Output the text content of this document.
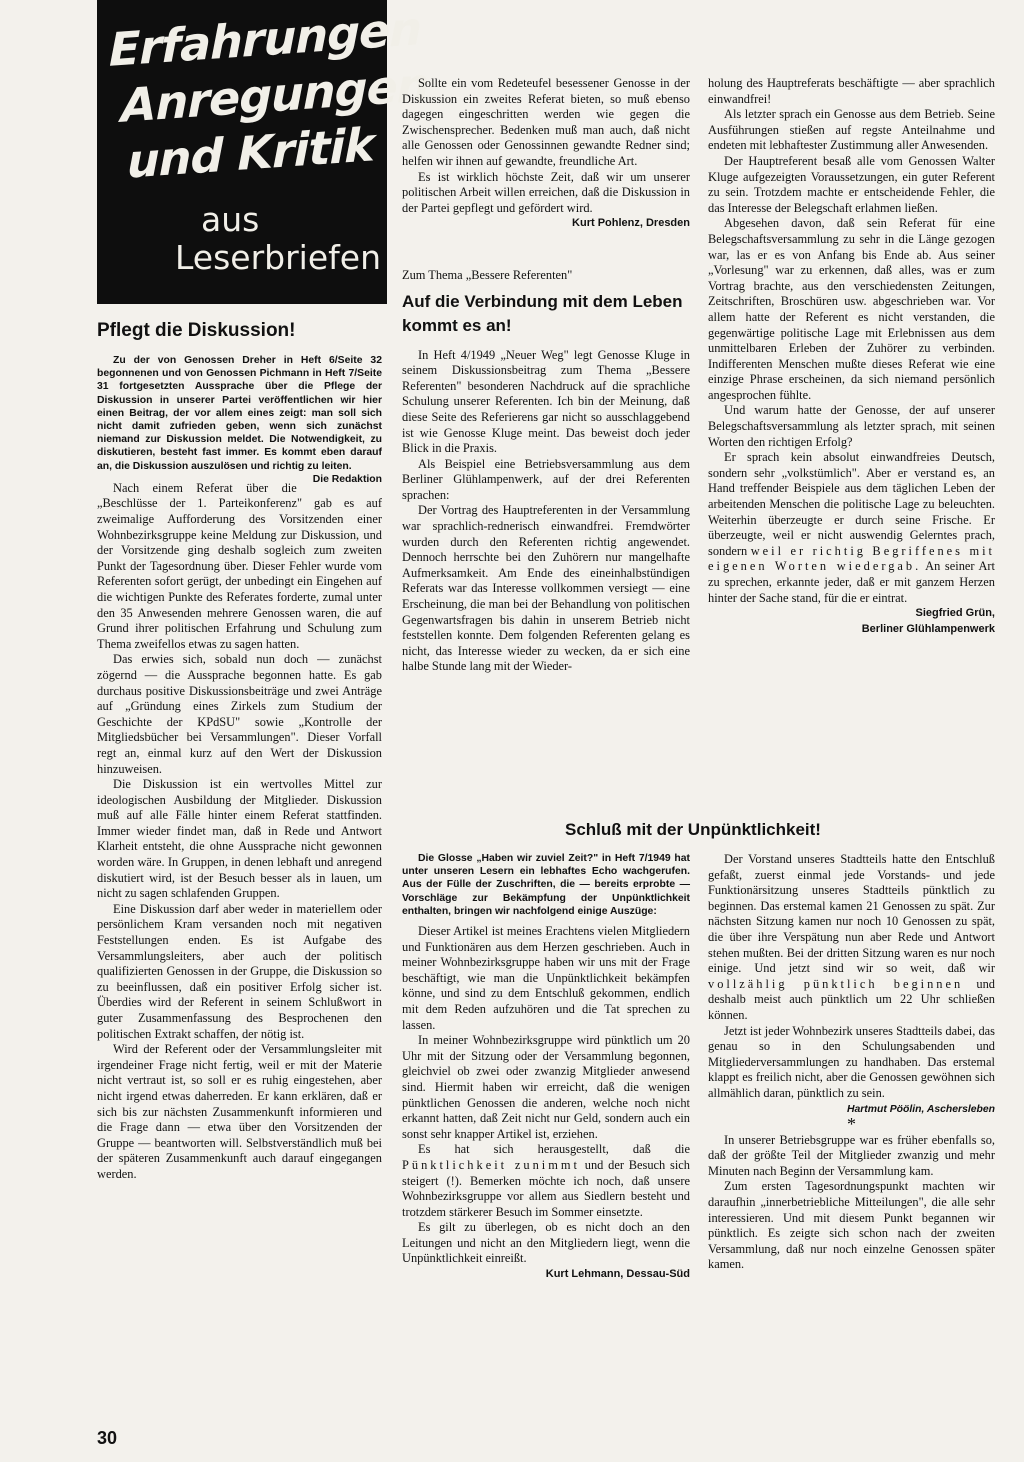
Erfahrungen
Anregungen
und Kritik
aus
Leserbriefen
Pflegt die Diskussion!

Zu der von Genossen Dreher in Heft 6/Seite 32 begonnenen und von Genossen Pichmann in Heft 7/Seite 31 fortgesetzten Aussprache über die Pflege der Diskussion in unserer Partei veröffentlichen wir hier einen Beitrag, der vor allem eines zeigt: man soll sich nicht damit zufrieden geben, wenn sich zunächst niemand zur Diskussion meldet. Die Notwendigkeit, zu diskutieren, besteht fast immer. Es kommt eben darauf an, die Diskussion auszulösen und richtig zu leiten.
Die Redaktion

Nach einem Referat über die „Beschlüsse der 1. Parteikonferenz" gab es auf zweimalige Aufforderung des Vorsitzenden einer Wohnbezirksgruppe keine Meldung zur Diskussion, und der Vorsitzende ging deshalb sogleich zum zweiten Punkt der Tagesordnung über. Dieser Fehler wurde vom Referenten sofort gerügt, der unbedingt ein Eingehen auf die wichtigen Punkte des Referates forderte, zumal unter den 35 Anwesenden mehrere Genossen waren, die auf Grund ihrer politischen Erfahrung und Schulung zum Thema zweifellos etwas zu sagen hatten.

Das erwies sich, sobald nun doch — zunächst zögernd — die Aussprache begonnen hatte. Es gab durchaus positive Diskussionsbeiträge und zwei Anträge auf „Gründung eines Zirkels zum Studium der Geschichte der KPdSU" sowie „Kontrolle der Mitgliedsbücher bei Versammlungen". Dieser Vorfall regt an, einmal kurz auf den Wert der Diskussion hinzuweisen.

Die Diskussion ist ein wertvolles Mittel zur ideologischen Ausbildung der Mitglieder. Diskussion muß auf alle Fälle hinter einem Referat stattfinden. Immer wieder findet man, daß in Rede und Antwort Klarheit entsteht, die ohne Aussprache nicht gewonnen worden wäre. In Gruppen, in denen lebhaft und anregend diskutiert wird, ist der Besuch besser als in lauen, um nicht zu sagen schlafenden Gruppen.

Eine Diskussion darf aber weder in materiellem oder persönlichem Kram versanden noch mit negativen Feststellungen enden. Es ist Aufgabe des Versammlungsleiters, aber auch der politisch qualifizierten Genossen in der Gruppe, die Diskussion so zu beeinflussen, daß ein positiver Erfolg sicher ist. Überdies wird der Referent in seinem Schlußwort in guter Zusammenfassung des Besprochenen den politischen Extrakt schaffen, der nötig ist.

Wird der Referent oder der Versammlungsleiter mit irgendeiner Frage nicht fertig, weil er mit der Materie nicht vertraut ist, so soll er es ruhig eingestehen, aber nicht irgend etwas daherreden. Er kann erklären, daß er sich bis zur nächsten Zusammenkunft informieren und die Frage dann — etwa über den Vorsitzenden der Gruppe — beantworten will. Selbstverständlich muß bei der späteren Zusammenkunft auch darauf eingegangen werden.

Sollte ein vom Redeteufel besessener Genosse in der Diskussion ein zweites Referat bieten, so muß ebenso dagegen eingeschritten werden wie gegen die Zwischensprecher. Bedenken muß man auch, daß nicht alle Genossen oder Genossinnen gewandte Redner sind; helfen wir ihnen auf gewandte, freundliche Art.

Es ist wirklich höchste Zeit, daß wir um unserer politischen Arbeit willen erreichen, daß die Diskussion in der Partei gepflegt und gefördert wird.

Kurt Pohlenz, Dresden

Zum Thema „Bessere Referenten"

Auf die Verbindung mit dem Leben kommt es an!

In Heft 4/1949 „Neuer Weg" legt Genosse Kluge in seinem Diskussionsbeitrag zum Thema „Bessere Referenten" besonderen Nachdruck auf die sprachliche Schulung unserer Referenten. Ich bin der Meinung, daß diese Seite des Referierens gar nicht so ausschlaggebend ist wie Genosse Kluge meint. Das beweist doch jeder Blick in die Praxis.

Als Beispiel eine Betriebsversammlung aus dem Berliner Glühlampenwerk, auf der drei Referenten sprachen:

Der Vortrag des Hauptreferenten in der Versammlung war sprachlich-rednerisch einwandfrei. Fremdwörter wurden durch den Referenten richtig angewendet. Dennoch herrschte bei den Zuhörern nur mangelhafte Aufmerksamkeit. Am Ende des eineinhalbstündigen Referats war das Interesse vollkommen versiegt — eine Erscheinung, die man bei der Behandlung von politischen Gegenwartsfragen bis dahin in unserem Betrieb nicht feststellen konnte. Dem folgenden Referenten gelang es nicht, das Interesse wieder zu wecken, da er sich eine halbe Stunde lang mit der Wieder-

holung des Hauptreferats beschäftigte — aber sprachlich einwandfrei!

Als letzter sprach ein Genosse aus dem Betrieb. Seine Ausführungen stießen auf regste Anteilnahme und endeten mit lebhaftester Zustimmung aller Anwesenden.

Der Hauptreferent besaß alle vom Genossen Walter Kluge aufgezeigten Voraussetzungen, ein guter Referent zu sein. Trotzdem machte er entscheidende Fehler, die das Interesse der Belegschaft erlahmen ließen.

Abgesehen davon, daß sein Referat für eine Belegschaftsversammlung zu sehr in die Länge gezogen war, las er es von Anfang bis Ende ab. Aus seiner „Vorlesung" war zu erkennen, daß alles, was er zum Vortrag brachte, aus den verschiedensten Zeitungen, Zeitschriften, Broschüren usw. abgeschrieben war. Vor allem hatte der Referent es nicht verstanden, die gegenwärtige politische Lage mit Erlebnissen aus dem unmittelbaren Erleben der Zuhörer zu verbinden. Indifferenten Menschen mußte dieses Referat wie eine einzige Phrase erscheinen, da sich niemand persönlich angesprochen fühlte.

Und warum hatte der Genosse, der auf unserer Belegschaftsversammlung als letzter sprach, mit seinen Worten den richtigen Erfolg?

Er sprach kein absolut einwandfreies Deutsch, sondern sehr „volkstümlich". Aber er verstand es, an Hand treffender Beispiele aus dem täglichen Leben der arbeitenden Menschen die politische Lage zu beleuchten. Weiterhin überzeugte er durch seine Frische. Er überzeugte, weil er nicht auswendig Gelerntes prach, sondern weil er richtig Begriffenes mit eigenen Worten wiedergab. An seiner Art zu sprechen, erkannte jeder, daß er mit ganzem Herzen hinter der Sache stand, für die er eintrat.

Siegfried Grün,

Berliner Glühlampenwerk

Schluß mit der Unpünktlichkeit!

Die Glosse „Haben wir zuviel Zeit?" in Heft 7/1949 hat unter unseren Lesern ein lebhaftes Echo wachgerufen. Aus der Fülle der Zuschriften, die — bereits erprobte — Vorschläge zur Bekämpfung der Unpünktlichkeit enthalten, bringen wir nachfolgend einige Auszüge:

Dieser Artikel ist meines Erachtens vielen Mitgliedern und Funktionären aus dem Herzen geschrieben. Auch in meiner Wohnbezirksgruppe haben wir uns mit der Frage beschäftigt, wie man die Unpünktlichkeit bekämpfen könne, und sind zu dem Entschluß gekommen, endlich mit dem Reden aufzuhören und die Tat sprechen zu lassen.

In meiner Wohnbezirksgruppe wird pünktlich um 20 Uhr mit der Sitzung oder der Versammlung begonnen, gleichviel ob zwei oder zwanzig Mitglieder anwesend sind. Hiermit haben wir erreicht, daß die wenigen pünktlichen Genossen die anderen, welche noch nicht erkannt hatten, daß Zeit nicht nur Geld, sondern auch ein sonst sehr knapper Artikel ist, erziehen.

Es hat sich herausgestellt, daß die Pünktlichkeit zunimmt und der Besuch sich steigert (!). Bemerken möchte ich noch, daß unsere Wohnbezirksgruppe vor allem aus Siedlern besteht und trotzdem stärkerer Besuch im Sommer einsetzte.

Es gilt zu überlegen, ob es nicht doch an den Leitungen und nicht an den Mitgliedern liegt, wenn die Unpünktlichkeit einreißt.

Kurt Lehmann, Dessau-Süd

Der Vorstand unseres Stadtteils hatte den Entschluß gefaßt, zuerst einmal jede Vorstands- und jede Funktionärsitzung unseres Stadtteils pünktlich zu beginnen. Das erstemal kamen 21 Genossen zu spät. Zur nächsten Sitzung kamen nur noch 10 Genossen zu spät, die über ihre Verspätung nun aber Rede und Antwort stehen mußten. Bei der dritten Sitzung waren es nur noch einige. Und jetzt sind wir so weit, daß wir vollzählig pünktlich beginnen und deshalb meist auch pünktlich um 22 Uhr schließen können.

Jetzt ist jeder Wohnbezirk unseres Stadtteils dabei, das genau so in den Schulungsabenden und Mitgliederversammlungen zu handhaben. Das erstemal klappt es freilich nicht, aber die Genossen gewöhnen sich allmählich daran, pünktlich zu sein.

Hartmut Pöölin, Aschersleben

*

In unserer Betriebsgruppe war es früher ebenfalls so, daß der größte Teil der Mitglieder zwanzig und mehr Minuten nach Beginn der Versammlung kam.

Zum ersten Tagesordnungspunkt machten wir daraufhin „innerbetriebliche Mitteilungen", die alle sehr interessieren. Und mit diesem Punkt begannen wir pünktlich. Es zeigte sich schon nach der zweiten Versammlung, daß nur noch einzelne Genossen später kamen.

30
